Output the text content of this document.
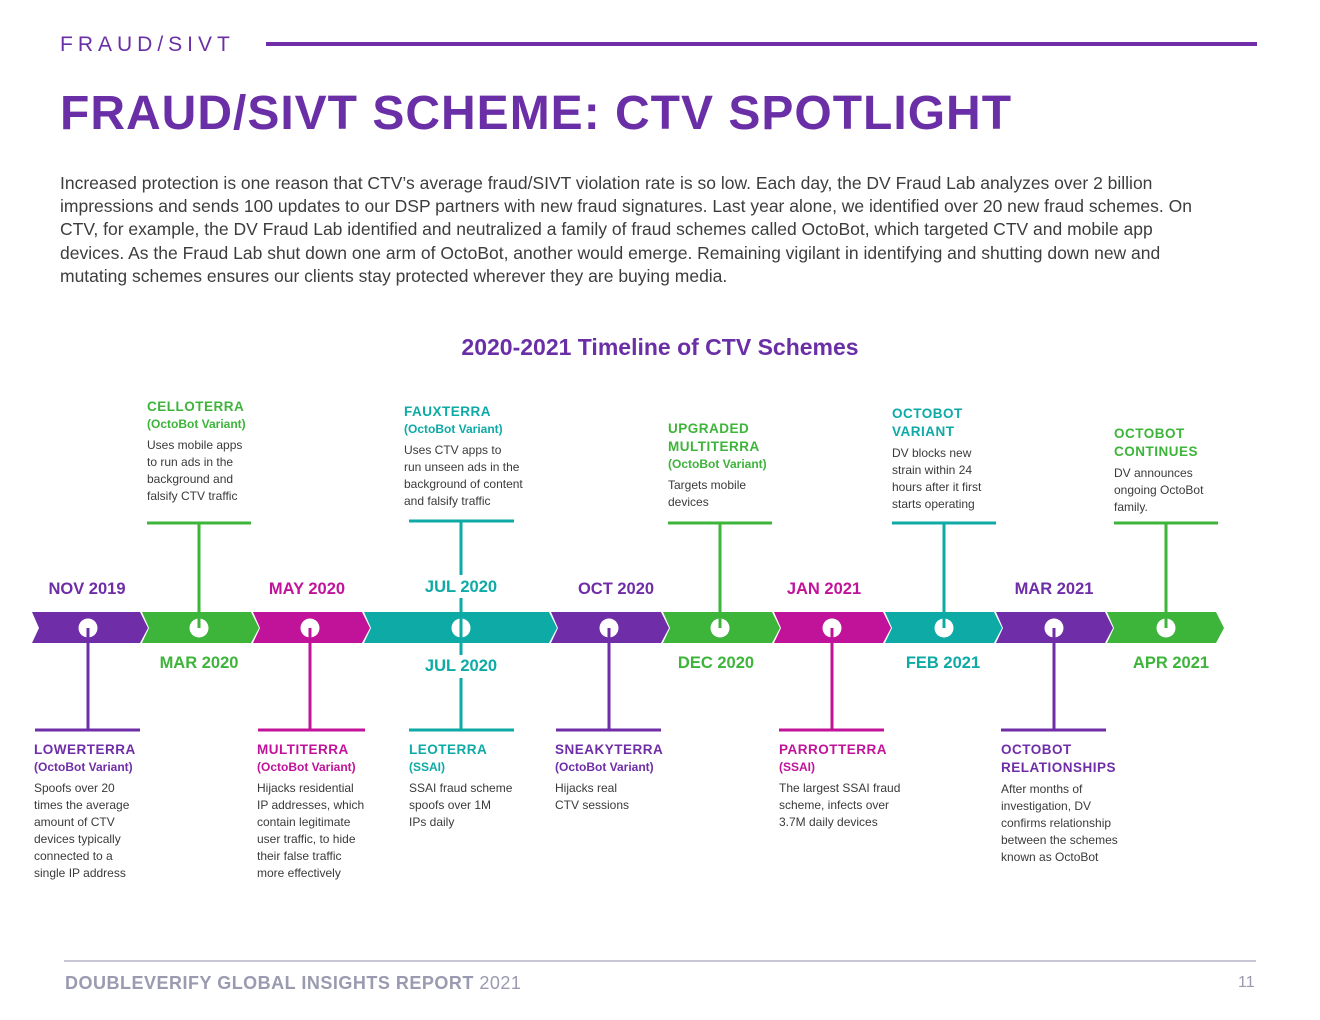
FRAUD/SIVT
FRAUD/SIVT SCHEME: CTV SPOTLIGHT

Increased protection is one reason that CTV’s average fraud/SIVT violation rate is so low. Each day, the DV Fraud Lab analyzes over 2 billion impressions and sends 100 updates to our DSP partners with new fraud signatures. Last year alone, we identified over 20 new fraud schemes. On CTV, for example, the DV Fraud Lab identified and neutralized a family of fraud schemes called OctoBot, which targeted CTV and mobile app devices. As the Fraud Lab shut down one arm of OctoBot, another would emerge. Remaining vigilant in identifying and shutting down new and mutating schemes ensures our clients stay protected wherever they are buying media.

2020-2021 Timeline of CTV Schemes
NOV 2019
MAR 2020
MAY 2020	JUL 2020
JUL 2020
OCT 2020
DEC 2020
JAN 2021
FEB 2021
MAR 2021
APR 2021
CELLOTERRA
(OctoBot Variant)
Uses mobile apps
to run ads in the
background and
falsify CTV traffic
FAUXTERRA
(OctoBot Variant)
Uses CTV apps to
run unseen ads in the
background of content
and falsify traffic
UPGRADED
MULTITERRA
(OctoBot Variant)
Targets mobile
devices
OCTOBOT
VARIANT
DV blocks new
strain within 24
hours after it first
starts operating
OCTOBOT
CONTINUES
DV announces
ongoing OctoBot
family.
LOWERTERRA
(OctoBot Variant)
Spoofs over 20
times the average
amount of CTV
devices typically
connected to a
single IP address
MULTITERRA
(OctoBot Variant)
Hijacks residential
IP addresses, which
contain legitimate
user traffic, to hide
their false traffic
more effectively
LEOTERRA
(SSAI)
SSAI fraud scheme
spoofs over 1M
IPs daily
SNEAKYTERRA
(OctoBot Variant)
Hijacks real
CTV sessions
PARROTTERRA
(SSAI)
The largest SSAI fraud
scheme, infects over
3.7M daily devices
OCTOBOT
RELATIONSHIPS
After months of
investigation, DV
confirms relationship
between the schemes
known as OctoBot
DOUBLEVERIFY GLOBAL INSIGHTS REPORT 2021	11
